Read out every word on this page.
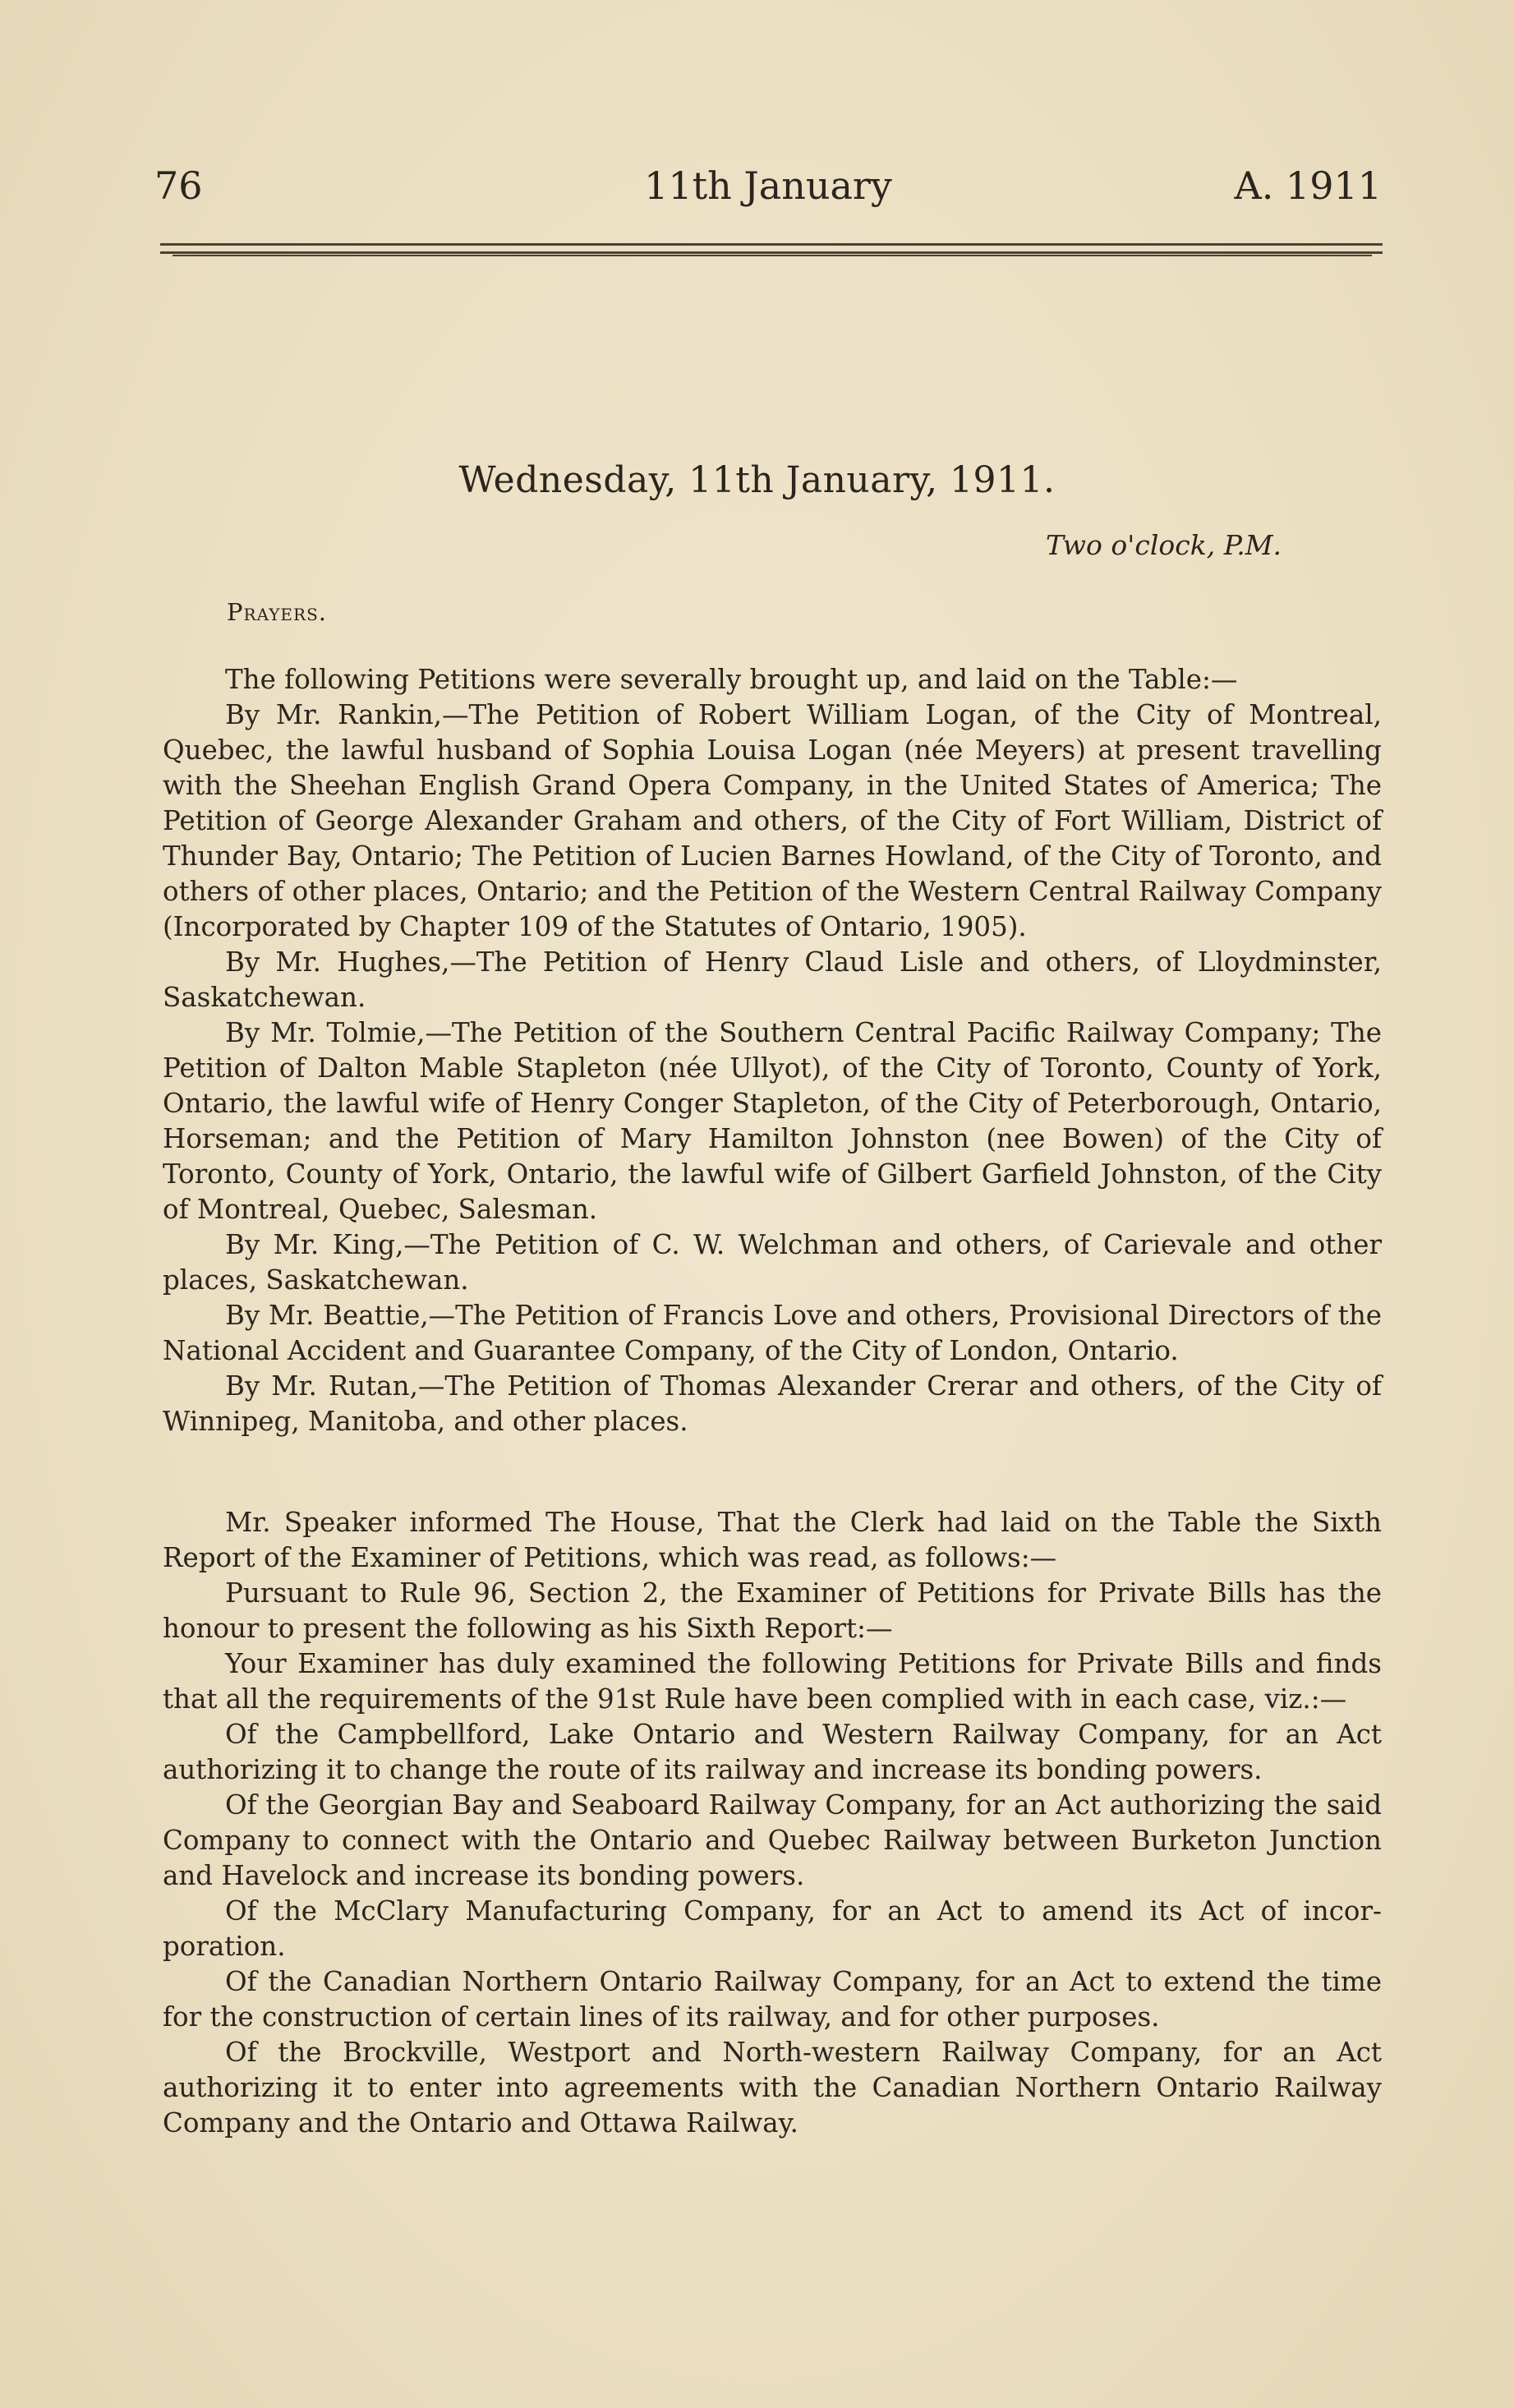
76	11th January	A. 1911
Wednesday, 11th January, 1911.
Two o'clock, P.M.
Prayers.

The following Petitions were severally brought up, and laid on the Table:—

By Mr. Rankin,—The Petition of Robert William Logan, of the City of Montreal, Quebec, the lawful husband of Sophia Louisa Logan (née Meyers) at present travelling with the Sheehan English Grand Opera Company, in the United States of America; The Petition of George Alexander Graham and others, of the City of Fort William, District of Thunder Bay, Ontario; The Petition of Lucien Barnes Howland, of the City of Toronto, and others of other places, Ontario; and the Petition of the Western Central Railway Company (Incorporated by Chapter 109 of the Statutes of Ontario, 1905).

By Mr. Hughes,—The Petition of Henry Claud Lisle and others, of Lloydminster, Saskatchewan.

By Mr. Tolmie,—The Petition of the Southern Central Pacific Railway Company; The Petition of Dalton Mable Stapleton (née Ullyot), of the City of Toronto, County of York, Ontario, the lawful wife of Henry Conger Stapleton, of the City of Peterborough, Ontario, Horseman; and the Petition of Mary Hamilton Johnston (nee Bowen) of the City of Toronto, County of York, Ontario, the lawful wife of Gilbert Garfield Johnston, of the City of Montreal, Quebec, Salesman.

By Mr. King,—The Petition of C. W. Welchman and others, of Carievale and other places, Saskatchewan.

By Mr. Beattie,—The Petition of Francis Love and others, Provisional Directors of the National Accident and Guarantee Company, of the City of London, Ontario.

By Mr. Rutan,—The Petition of Thomas Alexander Crerar and others, of the City of Winnipeg, Manitoba, and other places.

Mr. Speaker informed The House, That the Clerk had laid on the Table the Sixth Report of the Examiner of Petitions, which was read, as follows:—

Pursuant to Rule 96, Section 2, the Examiner of Petitions for Private Bills has the honour to present the following as his Sixth Report:—

Your Examiner has duly examined the following Petitions for Private Bills and finds that all the requirements of the 91st Rule have been complied with in each case, viz.:—

Of the Campbellford, Lake Ontario and Western Railway Company, for an Act authorizing it to change the route of its railway and increase its bonding powers.

Of the Georgian Bay and Seaboard Railway Company, for an Act authorizing the said Company to connect with the Ontario and Quebec Railway between Burketon Junction and Havelock and increase its bonding powers.

Of the McClary Manufacturing Company, for an Act to amend its Act of incorporation.

Of the Canadian Northern Ontario Railway Company, for an Act to extend the time for the construction of certain lines of its railway, and for other purposes.

Of the Brockville, Westport and North-western Railway Company, for an Act authorizing it to enter into agreements with the Canadian Northern Ontario Railway Company and the Ontario and Ottawa Railway.
